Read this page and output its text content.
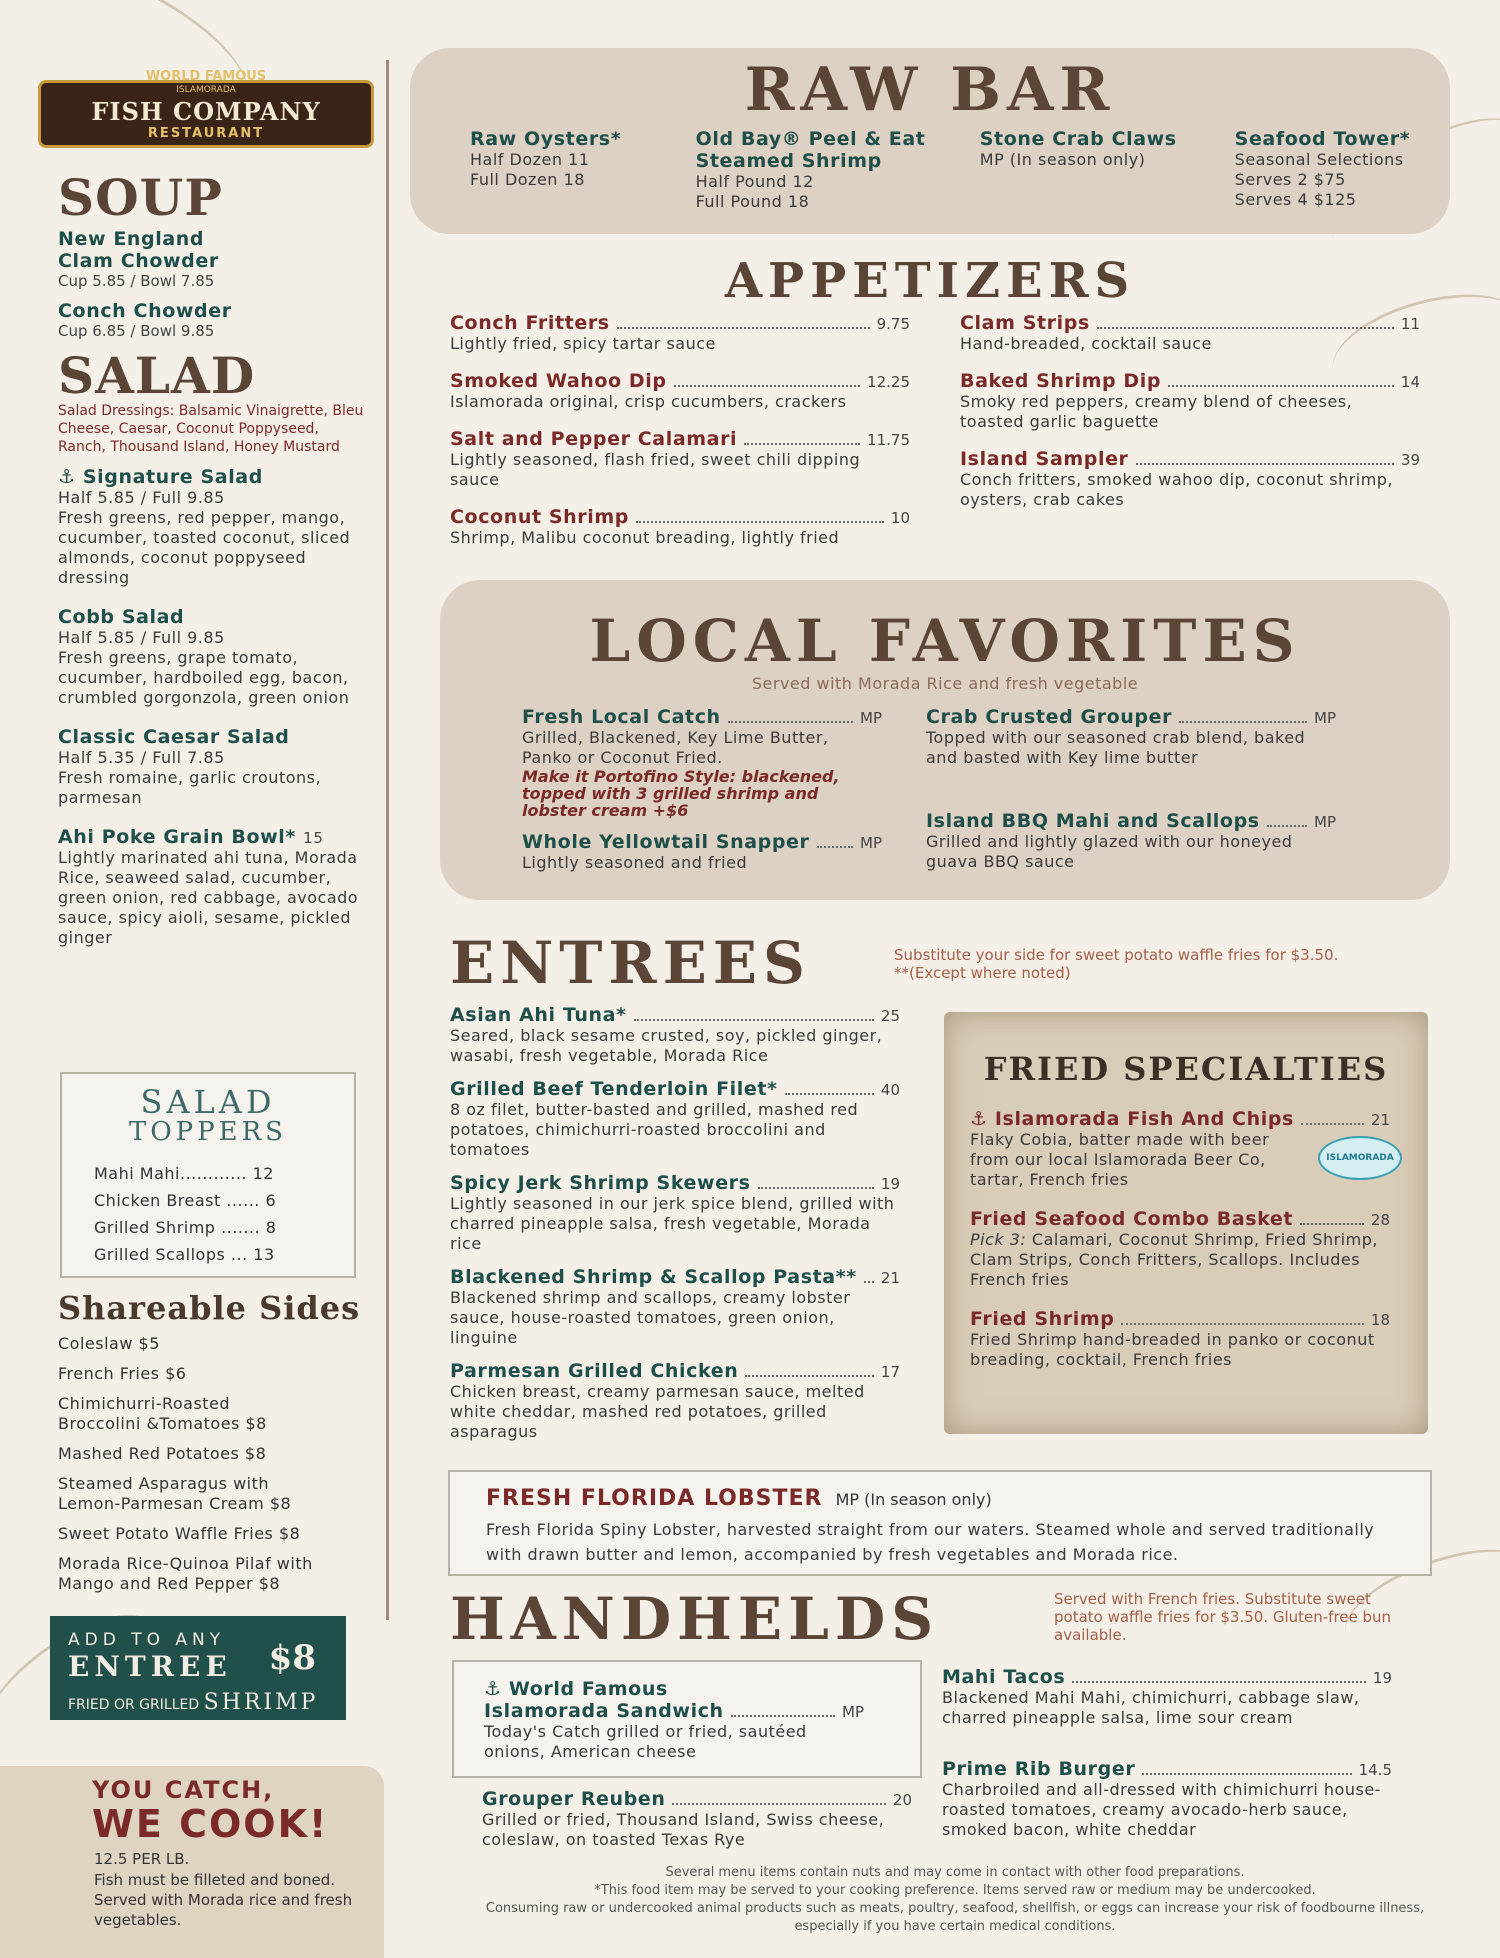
WORLD FAMOUS
ISLAMORADA
FISH COMPANY
RESTAURANT
SOUP
New England Clam Chowder
Cup 5.85 / Bowl 7.85
Conch Chowder
Cup 6.85 / Bowl 9.85
SALAD
Salad Dressings: Balsamic Vinaigrette, Bleu Cheese, Caesar, Coconut Poppyseed, Ranch, Thousand Island, Honey Mustard
⚓ Signature Salad
Half 5.85 / Full 9.85
Fresh greens, red pepper, mango, cucumber, toasted coconut, sliced almonds, coconut poppyseed dressing
Cobb Salad
Half 5.85 / Full 9.85
Fresh greens, grape tomato, cucumber, hardboiled egg, bacon, crumbled gorgonzola, green onion
Classic Caesar Salad
Half 5.35 / Full 7.85
Fresh romaine, garlic croutons, parmesan
Ahi Poke Grain Bowl* 15
Lightly marinated ahi tuna, Morada Rice, seaweed salad, cucumber, green onion, red cabbage, avocado sauce, spicy aioli, sesame, pickled ginger
SALAD
TOPPERS
Mahi Mahi............ 12
Chicken Breast ...... 6
Grilled Shrimp ....... 8
Grilled Scallops ... 13
Shareable Sides
Coleslaw $5
French Fries $6
Chimichurri-Roasted Broccolini &Tomatoes $8
Mashed Red Potatoes $8
Steamed Asparagus with Lemon-Parmesan Cream $8
Sweet Potato Waffle Fries $8
Morada Rice-Quinoa Pilaf with Mango and Red Pepper $8
ADD TO ANY
ENTREE $8
FRIED OR GRILLED SHRIMP
YOU CATCH,
WE COOK!
12.5 PER LB.
Fish must be filleted and boned. Served with Morada rice and fresh vegetables.
RAW BAR
Raw Oysters*
Half Dozen 11
Full Dozen 18
Old Bay® Peel & Eat Steamed Shrimp
Half Pound 12
Full Pound 18
Stone Crab Claws
MP (In season only)
Seafood Tower*
Seasonal Selections
Serves 2 $75
Serves 4 $125
APPETIZERS
Conch Fritters	9.75
Lightly fried, spicy tartar sauce
Smoked Wahoo Dip	12.25
Islamorada original, crisp cucumbers, crackers
Salt and Pepper Calamari	11.75
Lightly seasoned, flash fried, sweet chili dipping sauce
Coconut Shrimp	10
Shrimp, Malibu coconut breading, lightly fried
Clam Strips	11
Hand-breaded, cocktail sauce
Baked Shrimp Dip	14
Smoky red peppers, creamy blend of cheeses, toasted garlic baguette
Island Sampler	39
Conch fritters, smoked wahoo dip, coconut shrimp, oysters, crab cakes
LOCAL FAVORITES
Served with Morada Rice and fresh vegetable
Fresh Local Catch	MP
Grilled, Blackened, Key Lime Butter, Panko or Coconut Fried.
Make it Portofino Style: blackened, topped with 3 grilled shrimp and lobster cream +$6
Whole Yellowtail Snapper	MP
Lightly seasoned and fried
Crab Crusted Grouper	MP
Topped with our seasoned crab blend, baked and basted with Key lime butter
Island BBQ Mahi and Scallops	MP
Grilled and lightly glazed with our honeyed guava BBQ sauce
ENTREES	Substitute your side for sweet potato waffle fries for $3.50.
**(Except where noted)
Asian Ahi Tuna*	25
Seared, black sesame crusted, soy, pickled ginger, wasabi, fresh vegetable, Morada Rice
Grilled Beef Tenderloin Filet*	40
8 oz filet, butter-basted and grilled, mashed red potatoes, chimichurri-roasted broccolini and tomatoes
Spicy Jerk Shrimp Skewers	19
Lightly seasoned in our jerk spice blend, grilled with charred pineapple salsa, fresh vegetable, Morada rice
Blackened Shrimp & Scallop Pasta** 21
Blackened shrimp and scallops, creamy lobster sauce, house-roasted tomatoes, green onion, linguine
Parmesan Grilled Chicken	17
Chicken breast, creamy parmesan sauce, melted white cheddar, mashed red potatoes, grilled asparagus
FRIED SPECIALTIES
⚓ Islamorada Fish And Chips	21
Flaky Cobia, batter made with beer from our local Islamorada Beer Co, tartar, French fries
Fried Seafood Combo Basket	28
Pick 3: Calamari, Coconut Shrimp, Fried Shrimp, Clam Strips, Conch Fritters, Scallops. Includes French fries
Fried Shrimp	18
Fried Shrimp hand-breaded in panko or coconut breading, cocktail, French fries
ISLAMORADA
FRESH FLORIDA LOBSTER MP (In season only)
Fresh Florida Spiny Lobster, harvested straight from our waters. Steamed whole and served traditionally with drawn butter and lemon, accompanied by fresh vegetables and Morada rice.
HANDHELDS	Served with French fries. Substitute sweet potato waffle fries for $3.50. Gluten-free bun available.
⚓ World Famous
Islamorada Sandwich	MP
Today's Catch grilled or fried, sautéed onions, American cheese
Grouper Reuben	20
Grilled or fried, Thousand Island, Swiss cheese, coleslaw, on toasted Texas Rye
Mahi Tacos	19
Blackened Mahi Mahi, chimichurri, cabbage slaw, charred pineapple salsa, lime sour cream
Prime Rib Burger	14.5
Charbroiled and all-dressed with chimichurri house-roasted tomatoes, creamy avocado-herb sauce, smoked bacon, white cheddar
Several menu items contain nuts and may come in contact with other food preparations.
*This food item may be served to your cooking preference. Items served raw or medium may be undercooked.
Consuming raw or undercooked animal products such as meats, poultry, seafood, shellfish, or eggs can increase your risk of foodbourne illness, especially if you have certain medical conditions.
